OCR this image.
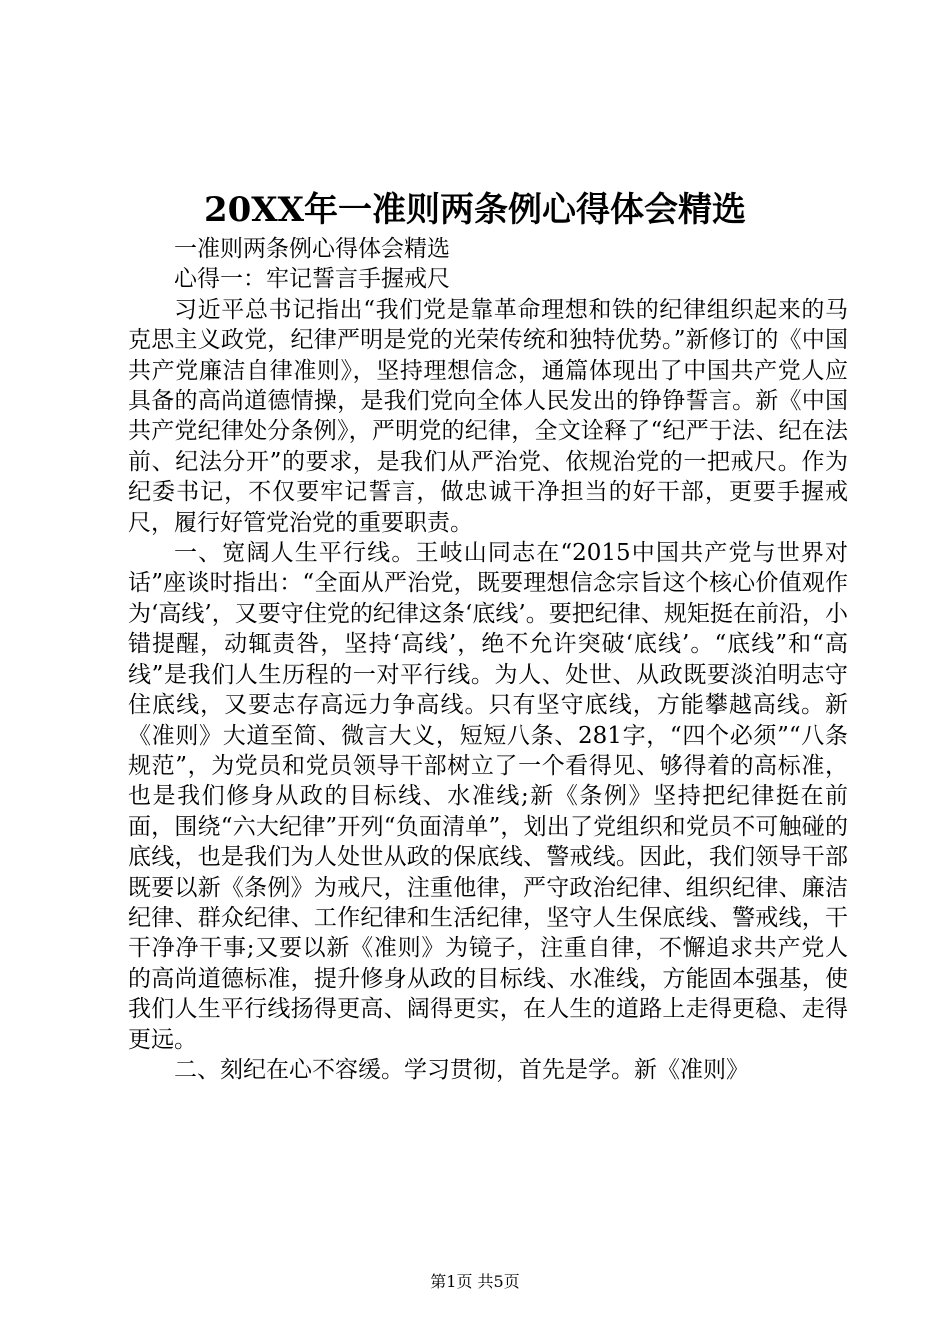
20XX年一准则两条例心得体会精选

一准则两条例心得体会精选

心得一：牢记誓言手握戒尺

习近平总书记指出“我们党是靠革命理想和铁的纪律组织起来的马克思主义政党，纪律严明是党的光荣传统和独特优势。”新修订的《中国共产党廉洁自律准则》，坚持理想信念，通篇体现出了中国共产党人应具备的高尚道德情操，是我们党向全体人民发出的铮铮誓言。新《中国共产党纪律处分条例》，严明党的纪律，全文诠释了“纪严于法、纪在法前、纪法分开”的要求，是我们从严治党、依规治党的一把戒尺。作为纪委书记，不仅要牢记誓言，做忠诚干净担当的好干部，更要手握戒尺，履行好管党治党的重要职责。

一、宽阔人生平行线。王岐山同志在“2015中国共产党与世界对话”座谈时指出：“全面从严治党，既要理想信念宗旨这个核心价值观作为‘高线’，又要守住党的纪律这条‘底线’。要把纪律、规矩挺在前沿，小错提醒，动辄责咎，坚持‘高线’，绝不允许突破‘底线’。“底线”和“高线”是我们人生历程的一对平行线。为人、处世、从政既要淡泊明志守住底线，又要志存高远力争高线。只有坚守底线，方能攀越高线。新《准则》大道至简、微言大义，短短八条、281字，“四个必须”“八条规范”，为党员和党员领导干部树立了一个看得见、够得着的高标准，也是我们修身从政的目标线、水准线;新《条例》坚持把纪律挺在前面，围绕“六大纪律”开列“负面清单”，划出了党组织和党员不可触碰的底线，也是我们为人处世从政的保底线、警戒线。因此，我们领导干部既要以新《条例》为戒尺，注重他律，严守政治纪律、组织纪律、廉洁纪律、群众纪律、工作纪律和生活纪律，坚守人生保底线、警戒线，干干净净干事;又要以新《准则》为镜子，注重自律，不懈追求共产党人的高尚道德标准，提升修身从政的目标线、水准线，方能固本强基，使我们人生平行线扬得更高、阔得更实，在人生的道路上走得更稳、走得更远。

二、刻纪在心不容缓。学习贯彻，首先是学。新《准则》

第1页 共5页
